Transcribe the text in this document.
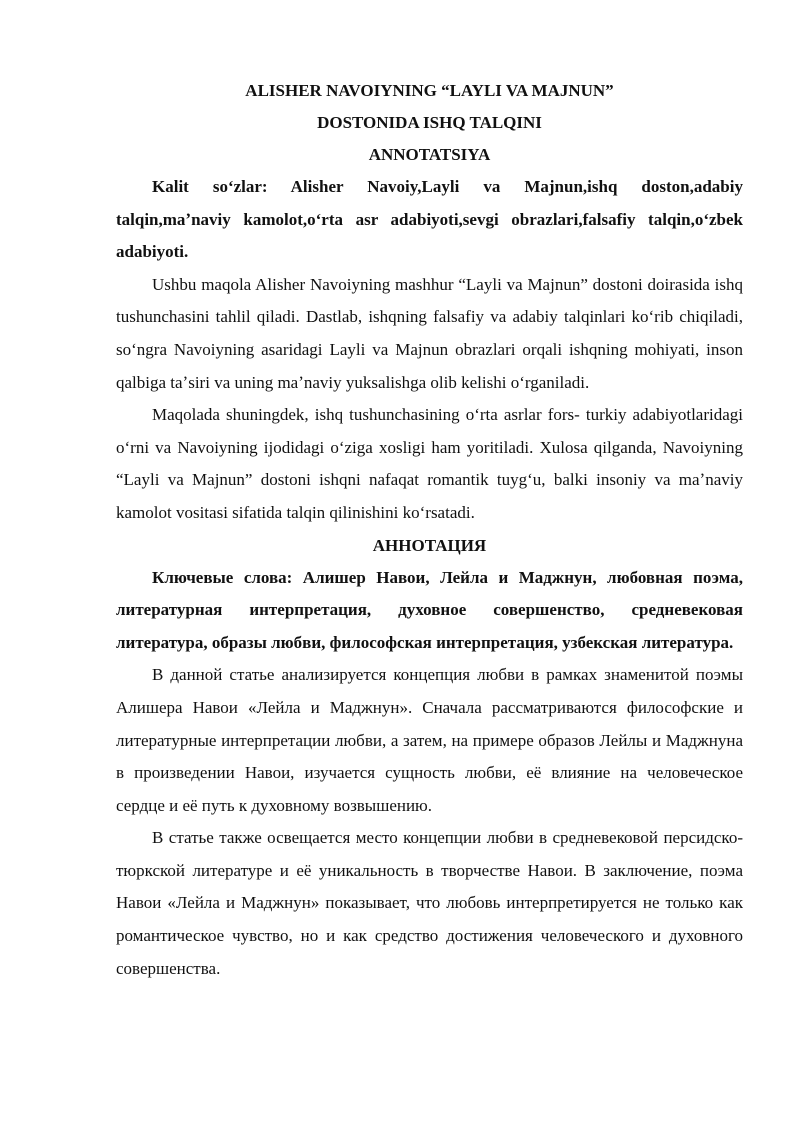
ALISHER NAVOIYNING “LAYLI VA MAJNUN”
DOSTONIDA ISHQ TALQINI

ANNOTATSIYA

Kalit soʻzlar: Alisher Navoiy,Layli va Majnun,ishq doston,adabiy talqin,maʼnaviy kamolot,oʻrta asr adabiyoti,sevgi obrazlari,falsafiy talqin,oʻzbek adabiyoti.

Ushbu maqola Alisher Navoiyning mashhur “Layli va Majnun” dostoni doirasida ishq tushunchasini tahlil qiladi. Dastlab, ishqning falsafiy va adabiy talqinlari koʻrib chiqiladi, soʻngra Navoiyning asaridagi Layli va Majnun obrazlari orqali ishqning mohiyati, inson qalbiga taʼsiri va uning maʼnaviy yuksalishga olib kelishi oʻrganiladi.

Maqolada shuningdek, ishq tushunchasining oʻrta asrlar fors- turkiy adabiyotlaridagi oʻrni va Navoiyning ijodidagi oʻziga xosligi ham yoritiladi. Xulosa qilganda, Navoiyning “Layli va Majnun” dostoni ishqni nafaqat romantik tuygʻu, balki insoniy va maʼnaviy kamolot vositasi sifatida talqin qilinishini koʻrsatadi.

АННОТАЦИЯ

Ключевые слова: Алишер Навои, Лейла и Маджнун, любовная поэма, литературная интерпретация, духовное совершенство, средневековая литература, образы любви, философская интерпретация, узбекская литература.

В данной статье анализируется концепция любви в рамках знаменитой поэмы Алишера Навои «Лейла и Маджнун». Сначала рассматриваются философские и литературные интерпретации любви, а затем, на примере образов Лейлы и Маджнуна в произведении Навои, изучается сущность любви, её влияние на человеческое сердце и её путь к духовному возвышению.

В статье также освещается место концепции любви в средневековой персидско-тюркской литературе и её уникальность в творчестве Навои. В заключение, поэма Навои «Лейла и Маджнун» показывает, что любовь интерпретируется не только как романтическое чувство, но и как средство достижения человеческого и духовного совершенства.
